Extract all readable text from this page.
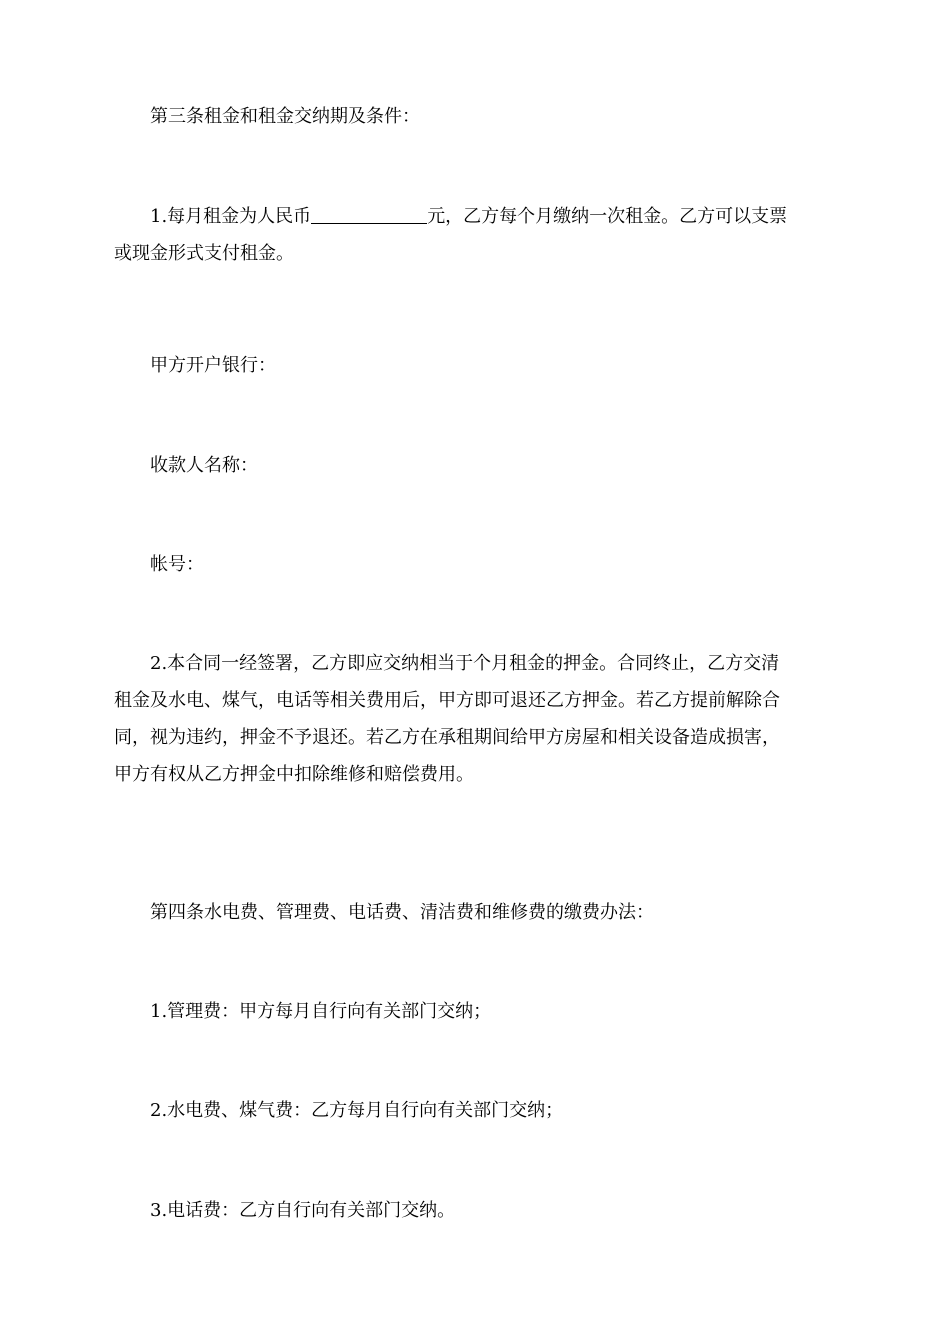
第三条租金和租金交纳期及条件：

1.每月租金为人民币	元，乙方每个月缴纳一次租金。乙方可以支票
或现金形式支付租金。

甲方开户银行：

收款人名称：

帐号：

2.本合同一经签署，乙方即应交纳相当于个月租金的押金。合同终止，乙方交清
租金及水电、煤气，电话等相关费用后，甲方即可退还乙方押金。若乙方提前解除合
同，视为违约，押金不予退还。若乙方在承租期间给甲方房屋和相关设备造成损害，
甲方有权从乙方押金中扣除维修和赔偿费用。

第四条水电费、管理费、电话费、清洁费和维修费的缴费办法：

1.管理费：甲方每月自行向有关部门交纳；

2.水电费、煤气费：乙方每月自行向有关部门交纳；

3.电话费：乙方自行向有关部门交纳。
